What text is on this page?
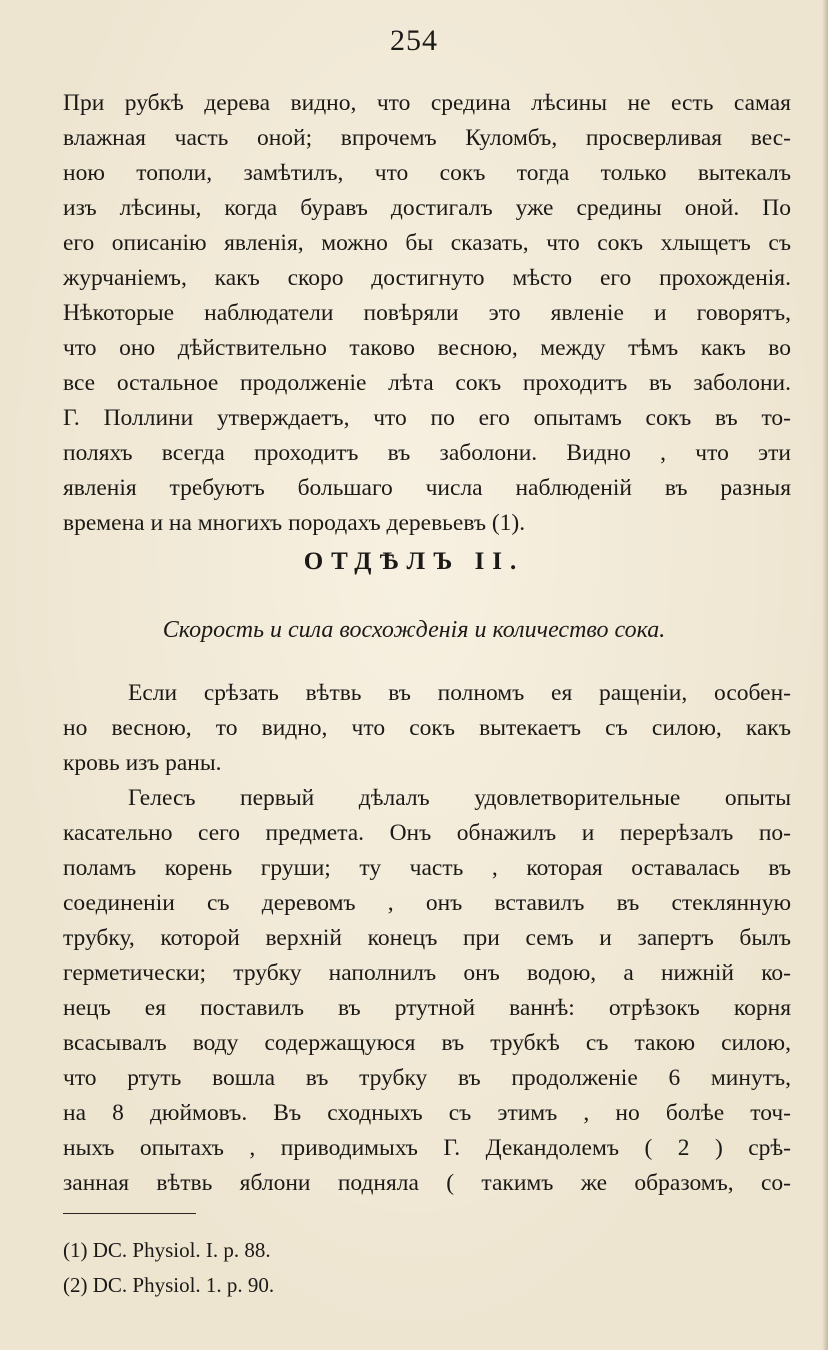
254
При рубкѣ дерева видно, что средина лѣсины не есть самая
влажная часть оной; впрочемъ Куломбъ, просверливая вес-
ною тополи, замѣтилъ, что сокъ тогда только вытекалъ
изъ лѣсины, когда буравъ достигалъ уже средины оной. По
его описанію явленія, можно бы сказать, что сокъ хлыщетъ съ
журчаніемъ, какъ скоро достигнуто мѣсто его прохожденія.
Нѣкоторые наблюдатели повѣряли это явленіе и говорятъ,
что оно дѣйствительно таково весною, между тѣмъ какъ во
все остальное продолженіе лѣта сокъ проходитъ въ заболони.
Г. Поллини утверждаетъ, что по его опытамъ сокъ въ то-
поляхъ всегда проходитъ въ заболони. Видно , что эти
явленія требуютъ большаго числа наблюденій въ разныя
времена и на многихъ породахъ деревьевъ (1).
ОТДѢЛЪ II.
Скорость и сила восхожденія и количество сока.
Если срѣзать вѣтвь въ полномъ ея ращеніи, особен-
но весною, то видно, что сокъ вытекаетъ съ силою, какъ
кровь изъ раны.
Гелесъ первый дѣлалъ удовлетворительные опыты
касательно сего предмета. Онъ обнажилъ и перерѣзалъ по-
поламъ корень груши; ту часть , которая оставалась въ
соединеніи съ деревомъ , онъ вставилъ въ стеклянную
трубку, которой верхній конецъ при семъ и запертъ былъ
герметически; трубку наполнилъ онъ водою, а нижній ко-
нецъ ея поставилъ въ ртутной ваннѣ: отрѣзокъ корня
всасывалъ воду содержащуюся въ трубкѣ съ такою силою,
что ртуть вошла въ трубку въ продолженіе 6 минутъ,
на 8 дюймовъ. Въ сходныхъ съ этимъ , но болѣе точ-
ныхъ опытахъ , приводимыхъ Г. Декандолемъ ( 2 ) срѣ-
занная вѣтвь яблони подняла ( такимъ же образомъ, со-
(1) DC. Physiol. I. p. 88.
(2) DC. Physiol. 1. p. 90.
